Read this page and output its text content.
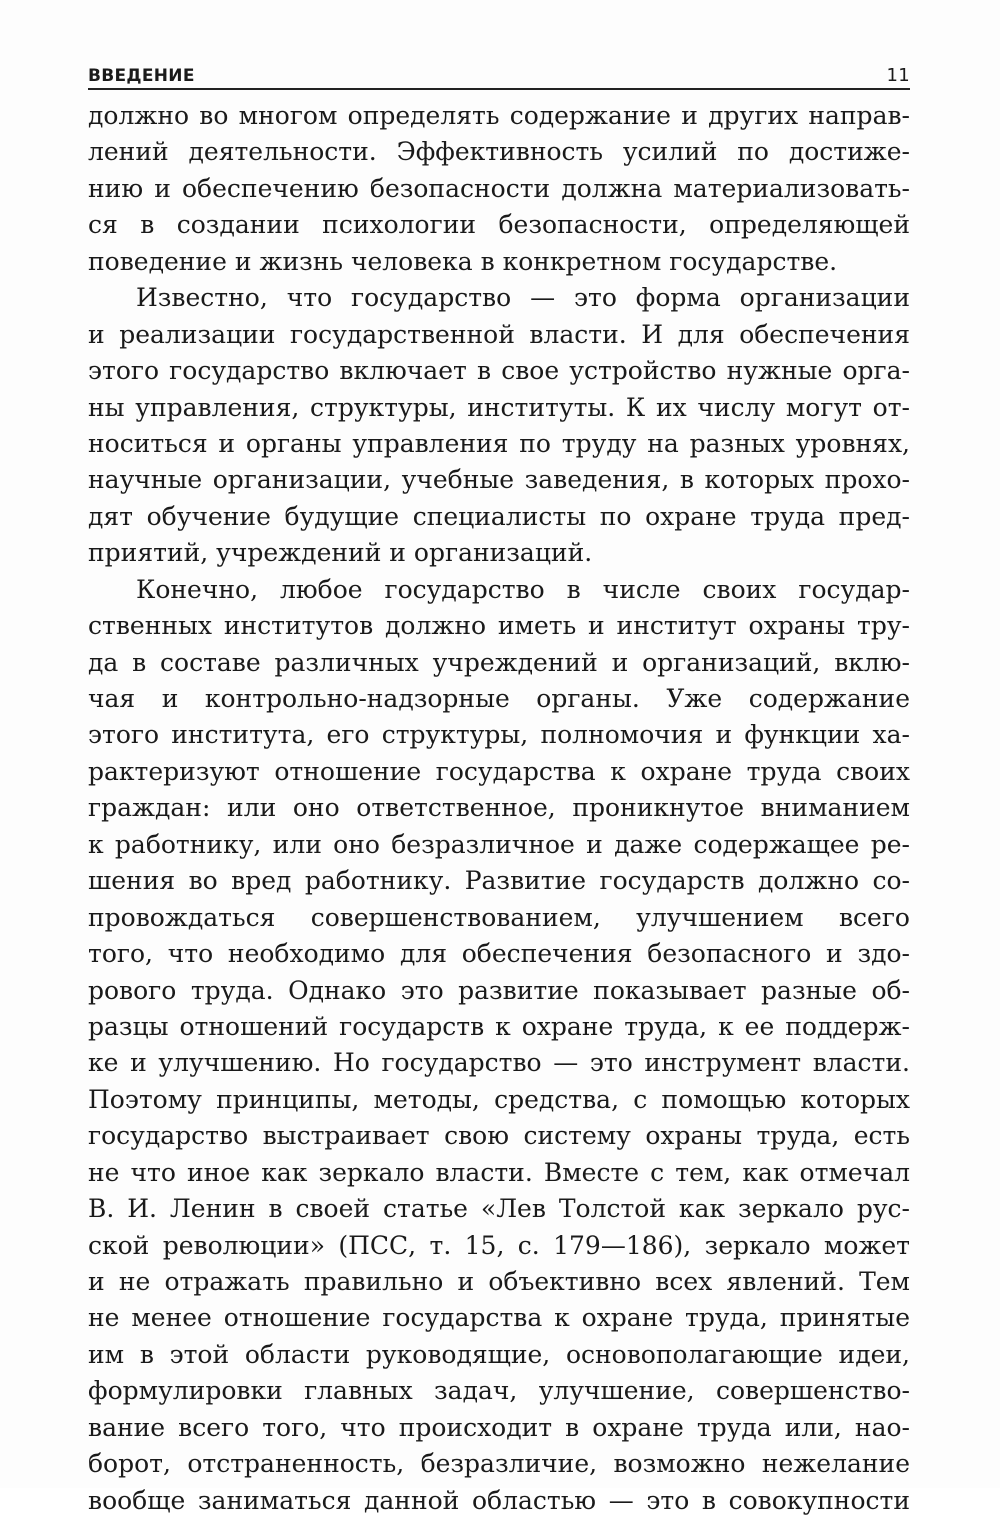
ВВЕДЕНИЕ	11
должно во многом определять содержание и других направ-
лений деятельности. Эффективность усилий по достиже-
нию и обеспечению безопасности должна материализовать-
ся в создании психологии безопасности, определяющей
поведение и жизнь человека в конкретном государстве.
Известно, что государство — это форма организации
и реализации государственной власти. И для обеспечения
этого государство включает в свое устройство нужные орга-
ны управления, структуры, институты. К их числу могут от-
носиться и органы управления по труду на разных уровнях,
научные организации, учебные заведения, в которых прохо-
дят обучение будущие специалисты по охране труда пред-
приятий, учреждений и организаций.
Конечно, любое государство в числе своих государ-
ственных институтов должно иметь и институт охраны тру-
да в составе различных учреждений и организаций, вклю-
чая и контрольно-надзорные органы. Уже содержание
этого института, его структуры, полномочия и функции ха-
рактеризуют отношение государства к охране труда своих
граждан: или оно ответственное, проникнутое вниманием
к работнику, или оно безразличное и даже содержащее ре-
шения во вред работнику. Развитие государств должно со-
провождаться совершенствованием, улучшением всего
того, что необходимо для обеспечения безопасного и здо-
рового труда. Однако это развитие показывает разные об-
разцы отношений государств к охране труда, к ее поддерж-
ке и улучшению. Но государство — это инструмент власти.
Поэтому принципы, методы, средства, с помощью которых
государство выстраивает свою систему охраны труда, есть
не что иное как зеркало власти. Вместе с тем, как отмечал
В. И. Ленин в своей статье «Лев Толстой как зеркало рус-
ской революции» (ПСС, т. 15, с. 179—186), зеркало может
и не отражать правильно и объективно всех явлений. Тем
не менее отношение государства к охране труда, принятые
им в этой области руководящие, основополагающие идеи,
формулировки главных задач, улучшение, совершенство-
вание всего того, что происходит в охране труда или, нао-
борот, отстраненность, безразличие, возможно нежелание
вообще заниматься данной областью — это в совокупности
